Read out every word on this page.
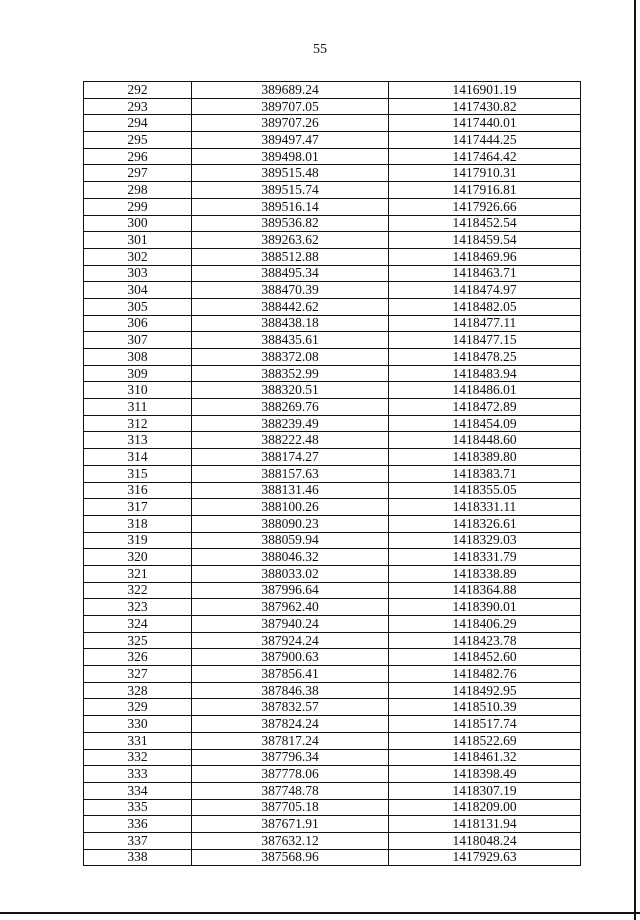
55
292	389689.24	1416901.19
293	389707.05	1417430.82
294	389707.26	1417440.01
295	389497.47	1417444.25
296	389498.01	1417464.42
297	389515.48	1417910.31
298	389515.74	1417916.81
299	389516.14	1417926.66
300	389536.82	1418452.54
301	389263.62	1418459.54
302	388512.88	1418469.96
303	388495.34	1418463.71
304	388470.39	1418474.97
305	388442.62	1418482.05
306	388438.18	1418477.11
307	388435.61	1418477.15
308	388372.08	1418478.25
309	388352.99	1418483.94
310	388320.51	1418486.01
311	388269.76	1418472.89
312	388239.49	1418454.09
313	388222.48	1418448.60
314	388174.27	1418389.80
315	388157.63	1418383.71
316	388131.46	1418355.05
317	388100.26	1418331.11
318	388090.23	1418326.61
319	388059.94	1418329.03
320	388046.32	1418331.79
321	388033.02	1418338.89
322	387996.64	1418364.88
323	387962.40	1418390.01
324	387940.24	1418406.29
325	387924.24	1418423.78
326	387900.63	1418452.60
327	387856.41	1418482.76
328	387846.38	1418492.95
329	387832.57	1418510.39
330	387824.24	1418517.74
331	387817.24	1418522.69
332	387796.34	1418461.32
333	387778.06	1418398.49
334	387748.78	1418307.19
335	387705.18	1418209.00
336	387671.91	1418131.94
337	387632.12	1418048.24
338	387568.96	1417929.63
